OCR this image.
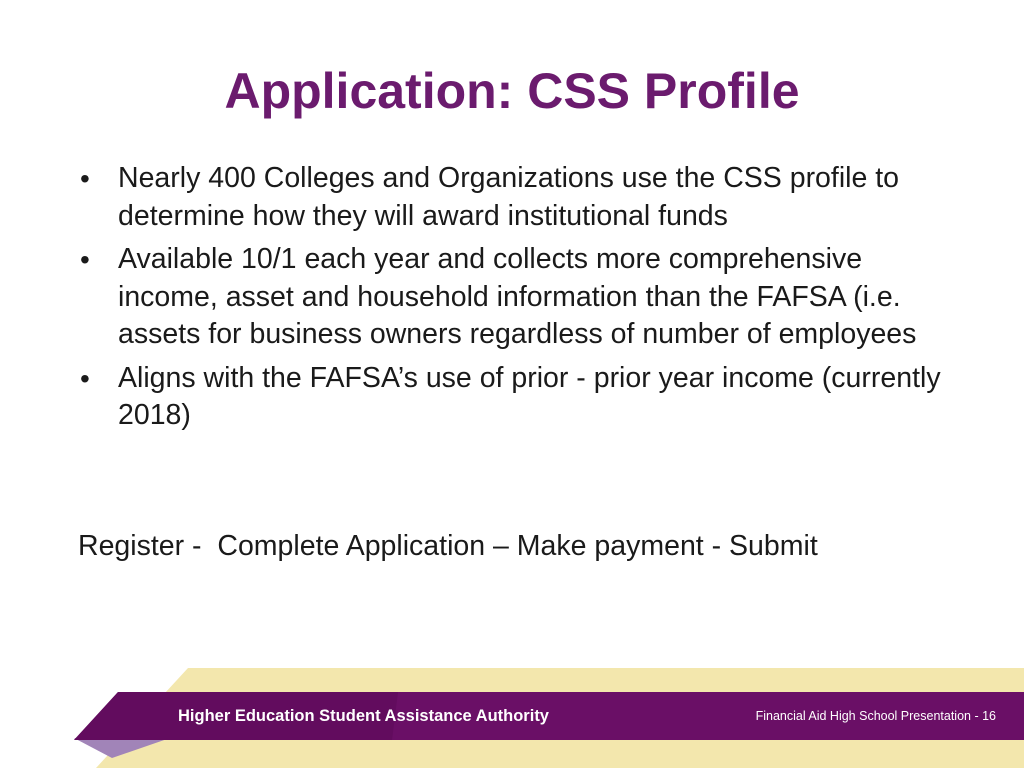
Application: CSS Profile
• Nearly 400 Colleges and Organizations use the CSS profile to determine how they will award institutional funds
• Available 10/1 each year and collects more comprehensive income, asset and household information than the FAFSA (i.e. assets for business owners regardless of number of employees
• Aligns with the FAFSA’s use of prior - prior year income (currently 2018)
Register -  Complete Application – Make payment - Submit
Higher Education Student Assistance Authority	Financial Aid High School Presentation - 16
